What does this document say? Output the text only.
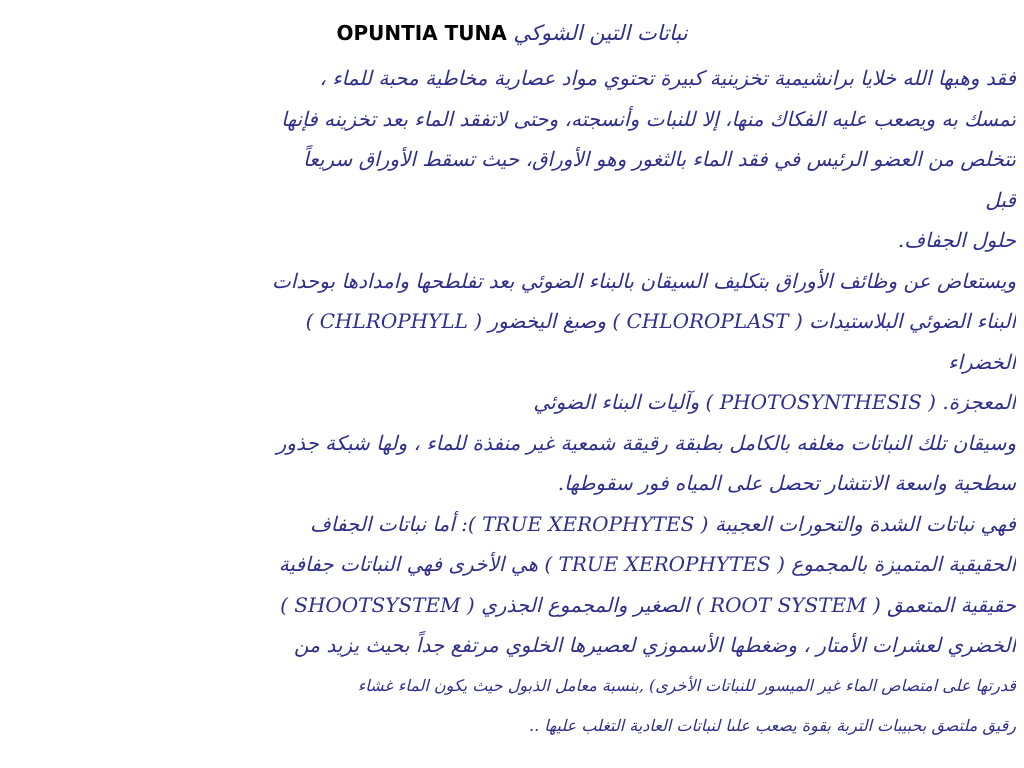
نباتات التين الشوكي OPUNTIA TUNA
فقد وهبها الله خلايا برانشيمية تخزينية كبيرة تحتوي مواد عصارية مخاطية محبة للماء ،
تمسك به ويصعب عليه الفكاك منها، إلا للنبات وأنسجته، وحتى لاتفقد الماء بعد تخزينه فإنها
تتخلص من العضو الرئيس في فقد الماء بالثغور وهو الأوراق، حيث تسقط الأوراق سريعاً
قبل
حلول الجفاف.
ويستعاض عن وظائف الأوراق بتكليف السيقان بالبناء الضوئي بعد تفلطحها وامدادها بوحدات
البناء الضوئي البلاستيدات ( CHLOROPLAST ) وصبغ اليخضور ( CHLROPHYLL )
الخضراء
المعجزة. ( PHOTOSYNTHESIS ) وآليات البناء الضوئي
وسيقان تلك النباتات مغلفه بالكامل بطبقة رقيقة شمعية غير منفذة للماء ، ولها شبكة جذور
سطحية واسعة الانتشار تحصل على المياه فور سقوطها.
فهي نباتات الشدة والتحورات العجيبة ( TRUE XEROPHYTES ): أما نباتات الجفاف
الحقيقية المتميزة بالمجموع ( TRUE XEROPHYTES ) هي الأخرى فهي النباتات جفافية
حقيقية المتعمق ( ROOT SYSTEM ) الصغير والمجموع الجذري ( SHOOTSYSTEM )
الخضري لعشرات الأمتار ، وضغطها الأسموزي لعصيرها الخلوي مرتفع جداً بحيث يزيد من
قدرتها على امتصاص الماء غير الميسور للنباتات الأخرى) ,بنسبة معامل الذبول حيث يكون الماء غشاء
رقيق ملتصق بحبيبات التربة بقوة يصعب علںا لنباتات العادية التغلب عليها ..
